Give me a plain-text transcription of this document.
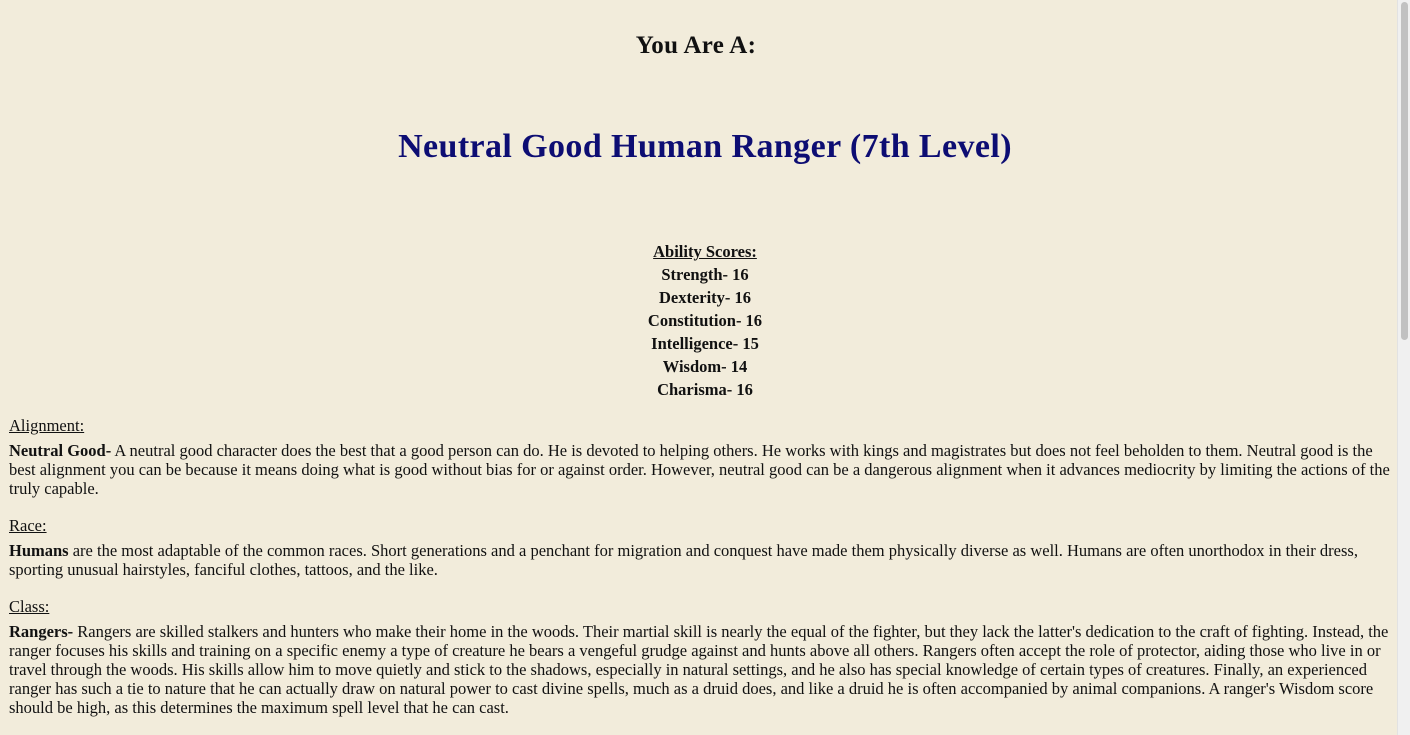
You Are A:
Neutral Good Human Ranger (7th Level)
Ability Scores:
Strength- 16
Dexterity- 16
Constitution- 16
Intelligence- 15
Wisdom- 14
Charisma- 16

Alignment:

Neutral Good- A neutral good character does the best that a good person can do. He is devoted to helping others. He works with kings and magistrates but does not feel beholden to them. Neutral good is the best alignment you can be because it means doing what is good without bias for or against order. However, neutral good can be a dangerous alignment when it advances mediocrity by limiting the actions of the truly capable.

Race:

Humans are the most adaptable of the common races. Short generations and a penchant for migration and conquest have made them physically diverse as well. Humans are often unorthodox in their dress, sporting unusual hairstyles, fanciful clothes, tattoos, and the like.

Class:

Rangers- Rangers are skilled stalkers and hunters who make their home in the woods. Their martial skill is nearly the equal of the fighter, but they lack the latter's dedication to the craft of fighting. Instead, the ranger focuses his skills and training on a specific enemy a type of creature he bears a vengeful grudge against and hunts above all others. Rangers often accept the role of protector, aiding those who live in or travel through the woods. His skills allow him to move quietly and stick to the shadows, especially in natural settings, and he also has special knowledge of certain types of creatures. Finally, an experienced ranger has such a tie to nature that he can actually draw on natural power to cast divine spells, much as a druid does, and like a druid he is often accompanied by animal companions. A ranger's Wisdom score should be high, as this determines the maximum spell level that he can cast.
